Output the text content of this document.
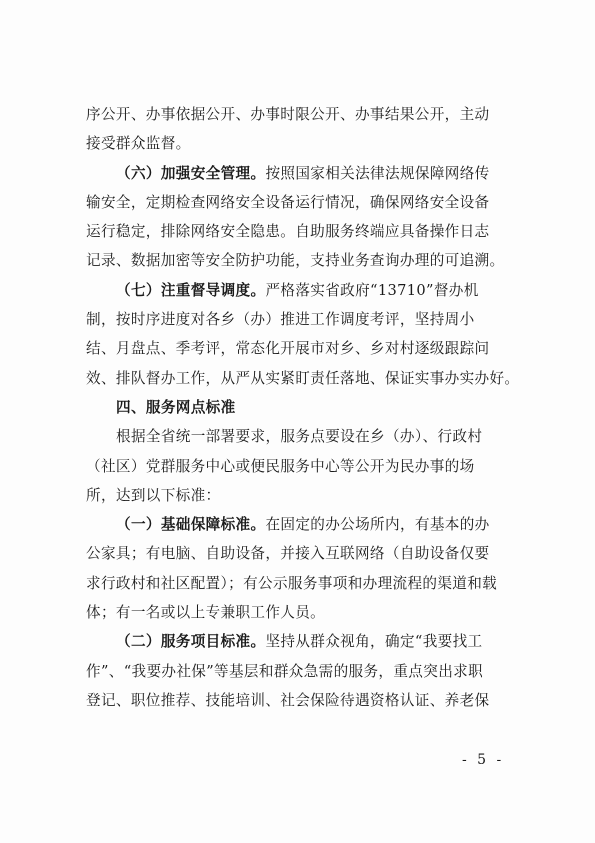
序公开、办事依据公开、办事时限公开、办事结果公开，主动
接受群众监督。
（六）加强安全管理。按照国家相关法律法规保障网络传
输安全，定期检查网络安全设备运行情况，确保网络安全设备
运行稳定，排除网络安全隐患。自助服务终端应具备操作日志
记录、数据加密等安全防护功能，支持业务查询办理的可追溯。
（七）注重督导调度。严格落实省政府“13710”督办机
制，按时序进度对各乡（办）推进工作调度考评，坚持周小
结、月盘点、季考评，常态化开展市对乡、乡对村逐级跟踪问
效、排队督办工作，从严从实紧盯责任落地、保证实事办实办好。
四、服务网点标准
根据全省统一部署要求，服务点要设在乡（办）、行政村
（社区）党群服务中心或便民服务中心等公开为民办事的场
所，达到以下标准：
（一）基础保障标准。在固定的办公场所内，有基本的办
公家具；有电脑、自助设备，并接入互联网络（自助设备仅要
求行政村和社区配置）；有公示服务事项和办理流程的渠道和载
体；有一名或以上专兼职工作人员。
（二）服务项目标准。坚持从群众视角，确定“我要找工
作”、“我要办社保”等基层和群众急需的服务，重点突出求职
登记、职位推荐、技能培训、社会保险待遇资格认证、养老保
- 5 -
